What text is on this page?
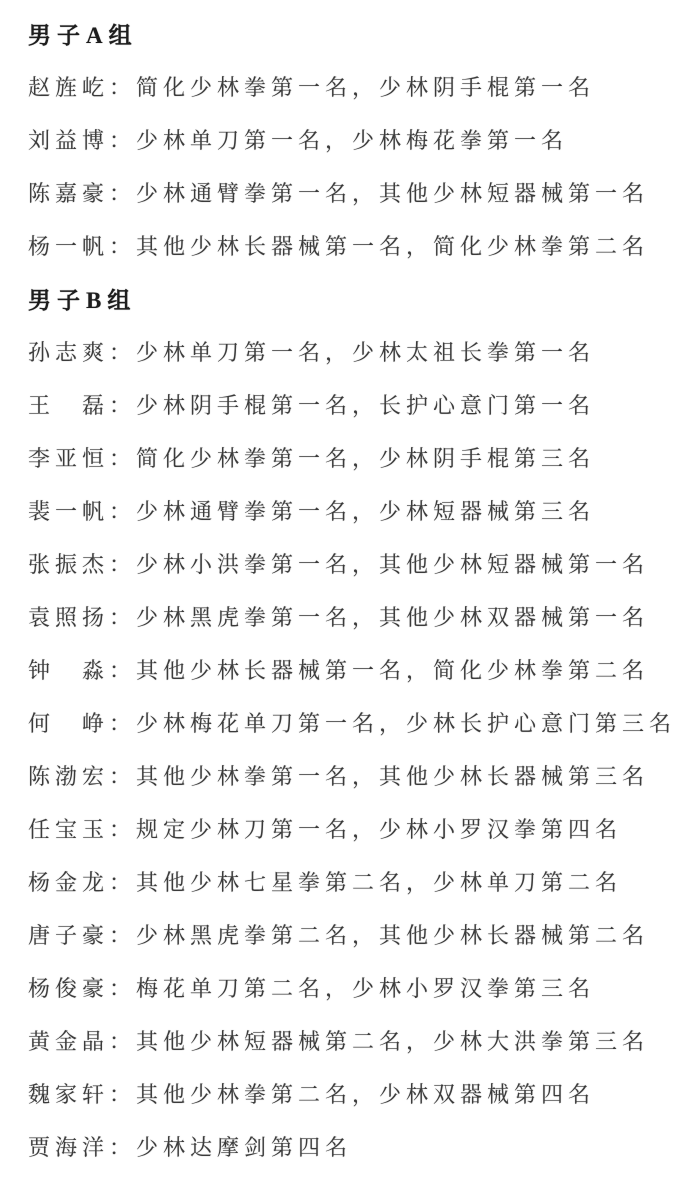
男子A组
赵旌屹 ： 简化少林拳第一名，少林阴手棍第一名
刘益博 ： 少林单刀第一名，少林梅花拳第一名
陈嘉豪 ： 少林通臂拳第一名，其他少林短器械第一名
杨一帆 ： 其他少林长器械第一名，简化少林拳第二名
男子B组
孙志爽 ： 少林单刀第一名，少林太祖长拳第一名
王　磊 ： 少林阴手棍第一名，长护心意门第一名
李亚恒 ： 简化少林拳第一名，少林阴手棍第三名
裴一帆 ： 少林通臂拳第一名，少林短器械第三名
张振杰 ： 少林小洪拳第一名，其他少林短器械第一名
袁照扬 ： 少林黑虎拳第一名，其他少林双器械第一名
钟　淼 ： 其他少林长器械第一名，简化少林拳第二名
何　峥 ： 少林梅花单刀第一名，少林长护心意门第三名
陈渤宏 ： 其他少林拳第一名，其他少林长器械第三名
任宝玉 ： 规定少林刀第一名，少林小罗汉拳第四名
杨金龙 ： 其他少林七星拳第二名，少林单刀第二名
唐子豪 ： 少林黑虎拳第二名，其他少林长器械第二名
杨俊豪 ： 梅花单刀第二名，少林小罗汉拳第三名
黄金晶 ： 其他少林短器械第二名，少林大洪拳第三名
魏家轩 ： 其他少林拳第二名，少林双器械第四名
贾海洋 ： 少林达摩剑第四名
